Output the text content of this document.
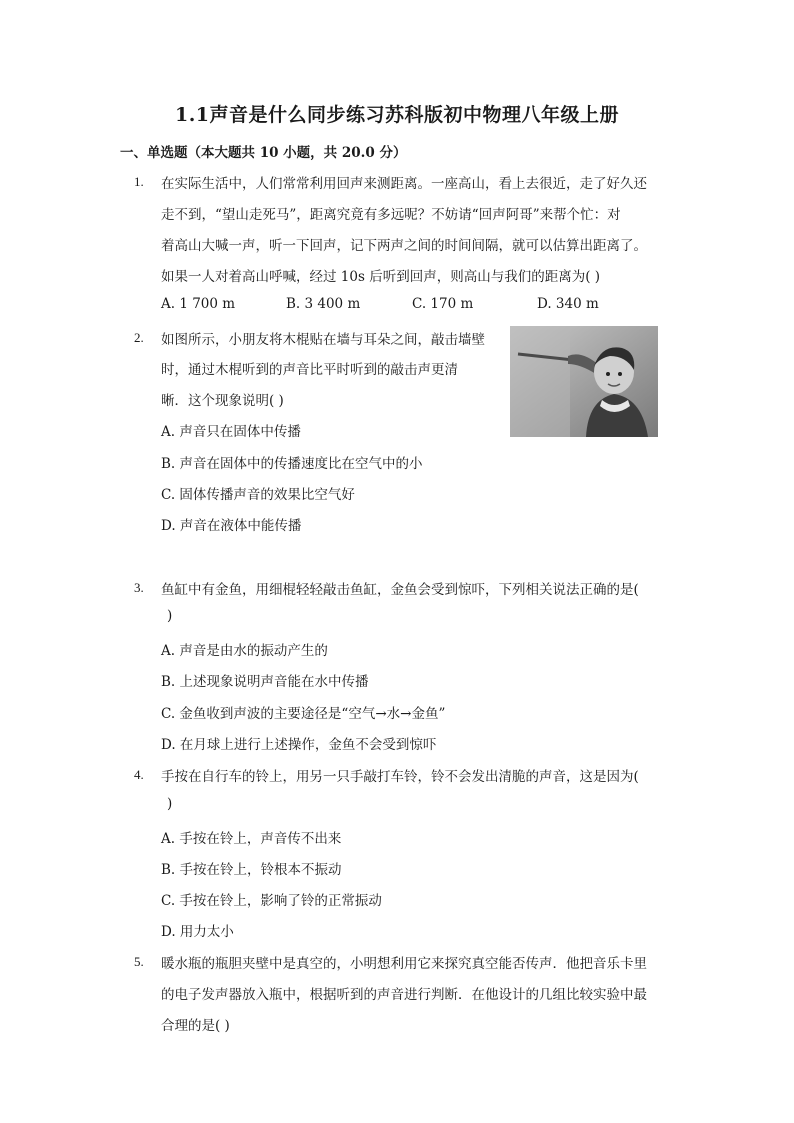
1.1声音是什么同步练习苏科版初中物理八年级上册
一、单选题（本大题共 10 小题，共 20.0 分）
1. 在实际生活中，人们常常利用回声来测距离。一座高山，看上去很近，走了好久还
走不到，“望山走死马”，距离究竟有多远呢？不妨请“回声阿哥”来帮个忙：对
着高山大喊一声，听一下回声，记下两声之间的时间间隔，就可以估算出距离了。
如果一人对着高山呼喊，经过 10s 后听到回声，则高山与我们的距离为( )
A. 1 700 m	B. 3 400 m	C. 170 m	D. 340 m
2. 如图所示，小朋友将木棍贴在墙与耳朵之间，敲击墙壁
时，通过木棍听到的声音比平时听到的敲击声更清
晰．这个现象说明( )
A. 声音只在固体中传播
B. 声音在固体中的传播速度比在空气中的小
C. 固体传播声音的效果比空气好
D. 声音在液体中能传播
3. 鱼缸中有金鱼，用细棍轻轻敲击鱼缸，金鱼会受到惊吓，下列相关说法正确的是(
)
A. 声音是由水的振动产生的
B. 上述现象说明声音能在水中传播
C. 金鱼收到声波的主要途径是“空气→水→金鱼”
D. 在月球上进行上述操作，金鱼不会受到惊吓
4. 手按在自行车的铃上，用另一只手敲打车铃，铃不会发出清脆的声音，这是因为(
)
A. 手按在铃上，声音传不出来
B. 手按在铃上，铃根本不振动
C. 手按在铃上，影响了铃的正常振动
D. 用力太小
5. 暖水瓶的瓶胆夹壁中是真空的，小明想利用它来探究真空能否传声．他把音乐卡里
的电子发声器放入瓶中，根据听到的声音进行判断．在他设计的几组比较实验中最
合理的是( )
